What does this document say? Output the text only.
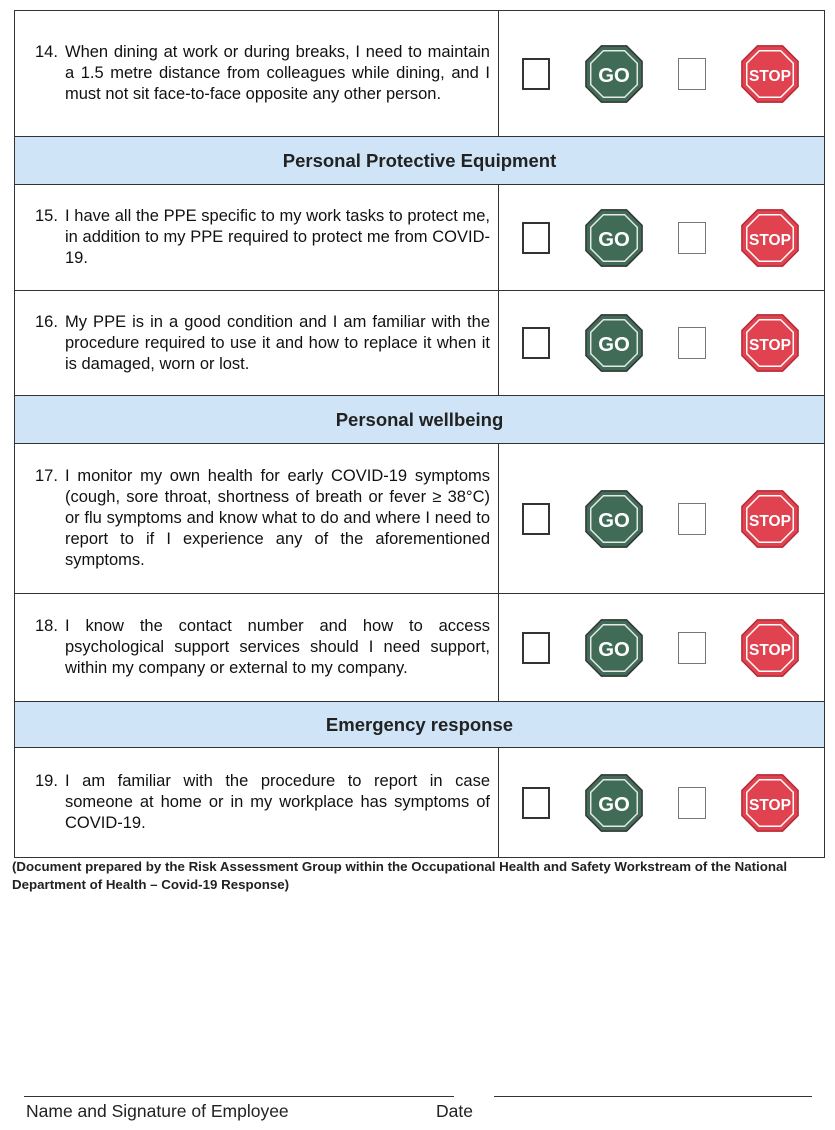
14. When dining at work or during breaks, I need to maintain a 1.5 metre distance from colleagues while dining, and I must not sit face-to-face opposite any other person.	GO STOP

Personal Protective Equipment	

15. I have all the PPE specific to my work tasks to protect me, in addition to my PPE required to protect me from COVID-19.	GO STOP

16. My PPE is in a good condition and I am familiar with the procedure required to use it and how to replace it when it is damaged, worn or lost.	GO STOP

Personal wellbeing	

17. I monitor my own health for early COVID-19 symptoms (cough, sore throat, shortness of breath or fever ≥ 38°C) or flu symptoms and know what to do and where I need to report to if I experience any of the aforementioned symptoms.	GO STOP

18. I know the contact number and how to access psychological support services should I need support, within my company or external to my company.	GO STOP

Emergency response	

19. I am familiar with the procedure to report in case someone at home or in my workplace has symptoms of COVID-19.	GO STOP
(Document prepared by the Risk Assessment Group within the Occupational Health and Safety Workstream of the National Department of Health – Covid-19 Response)
Name and Signature of Employee	Date
